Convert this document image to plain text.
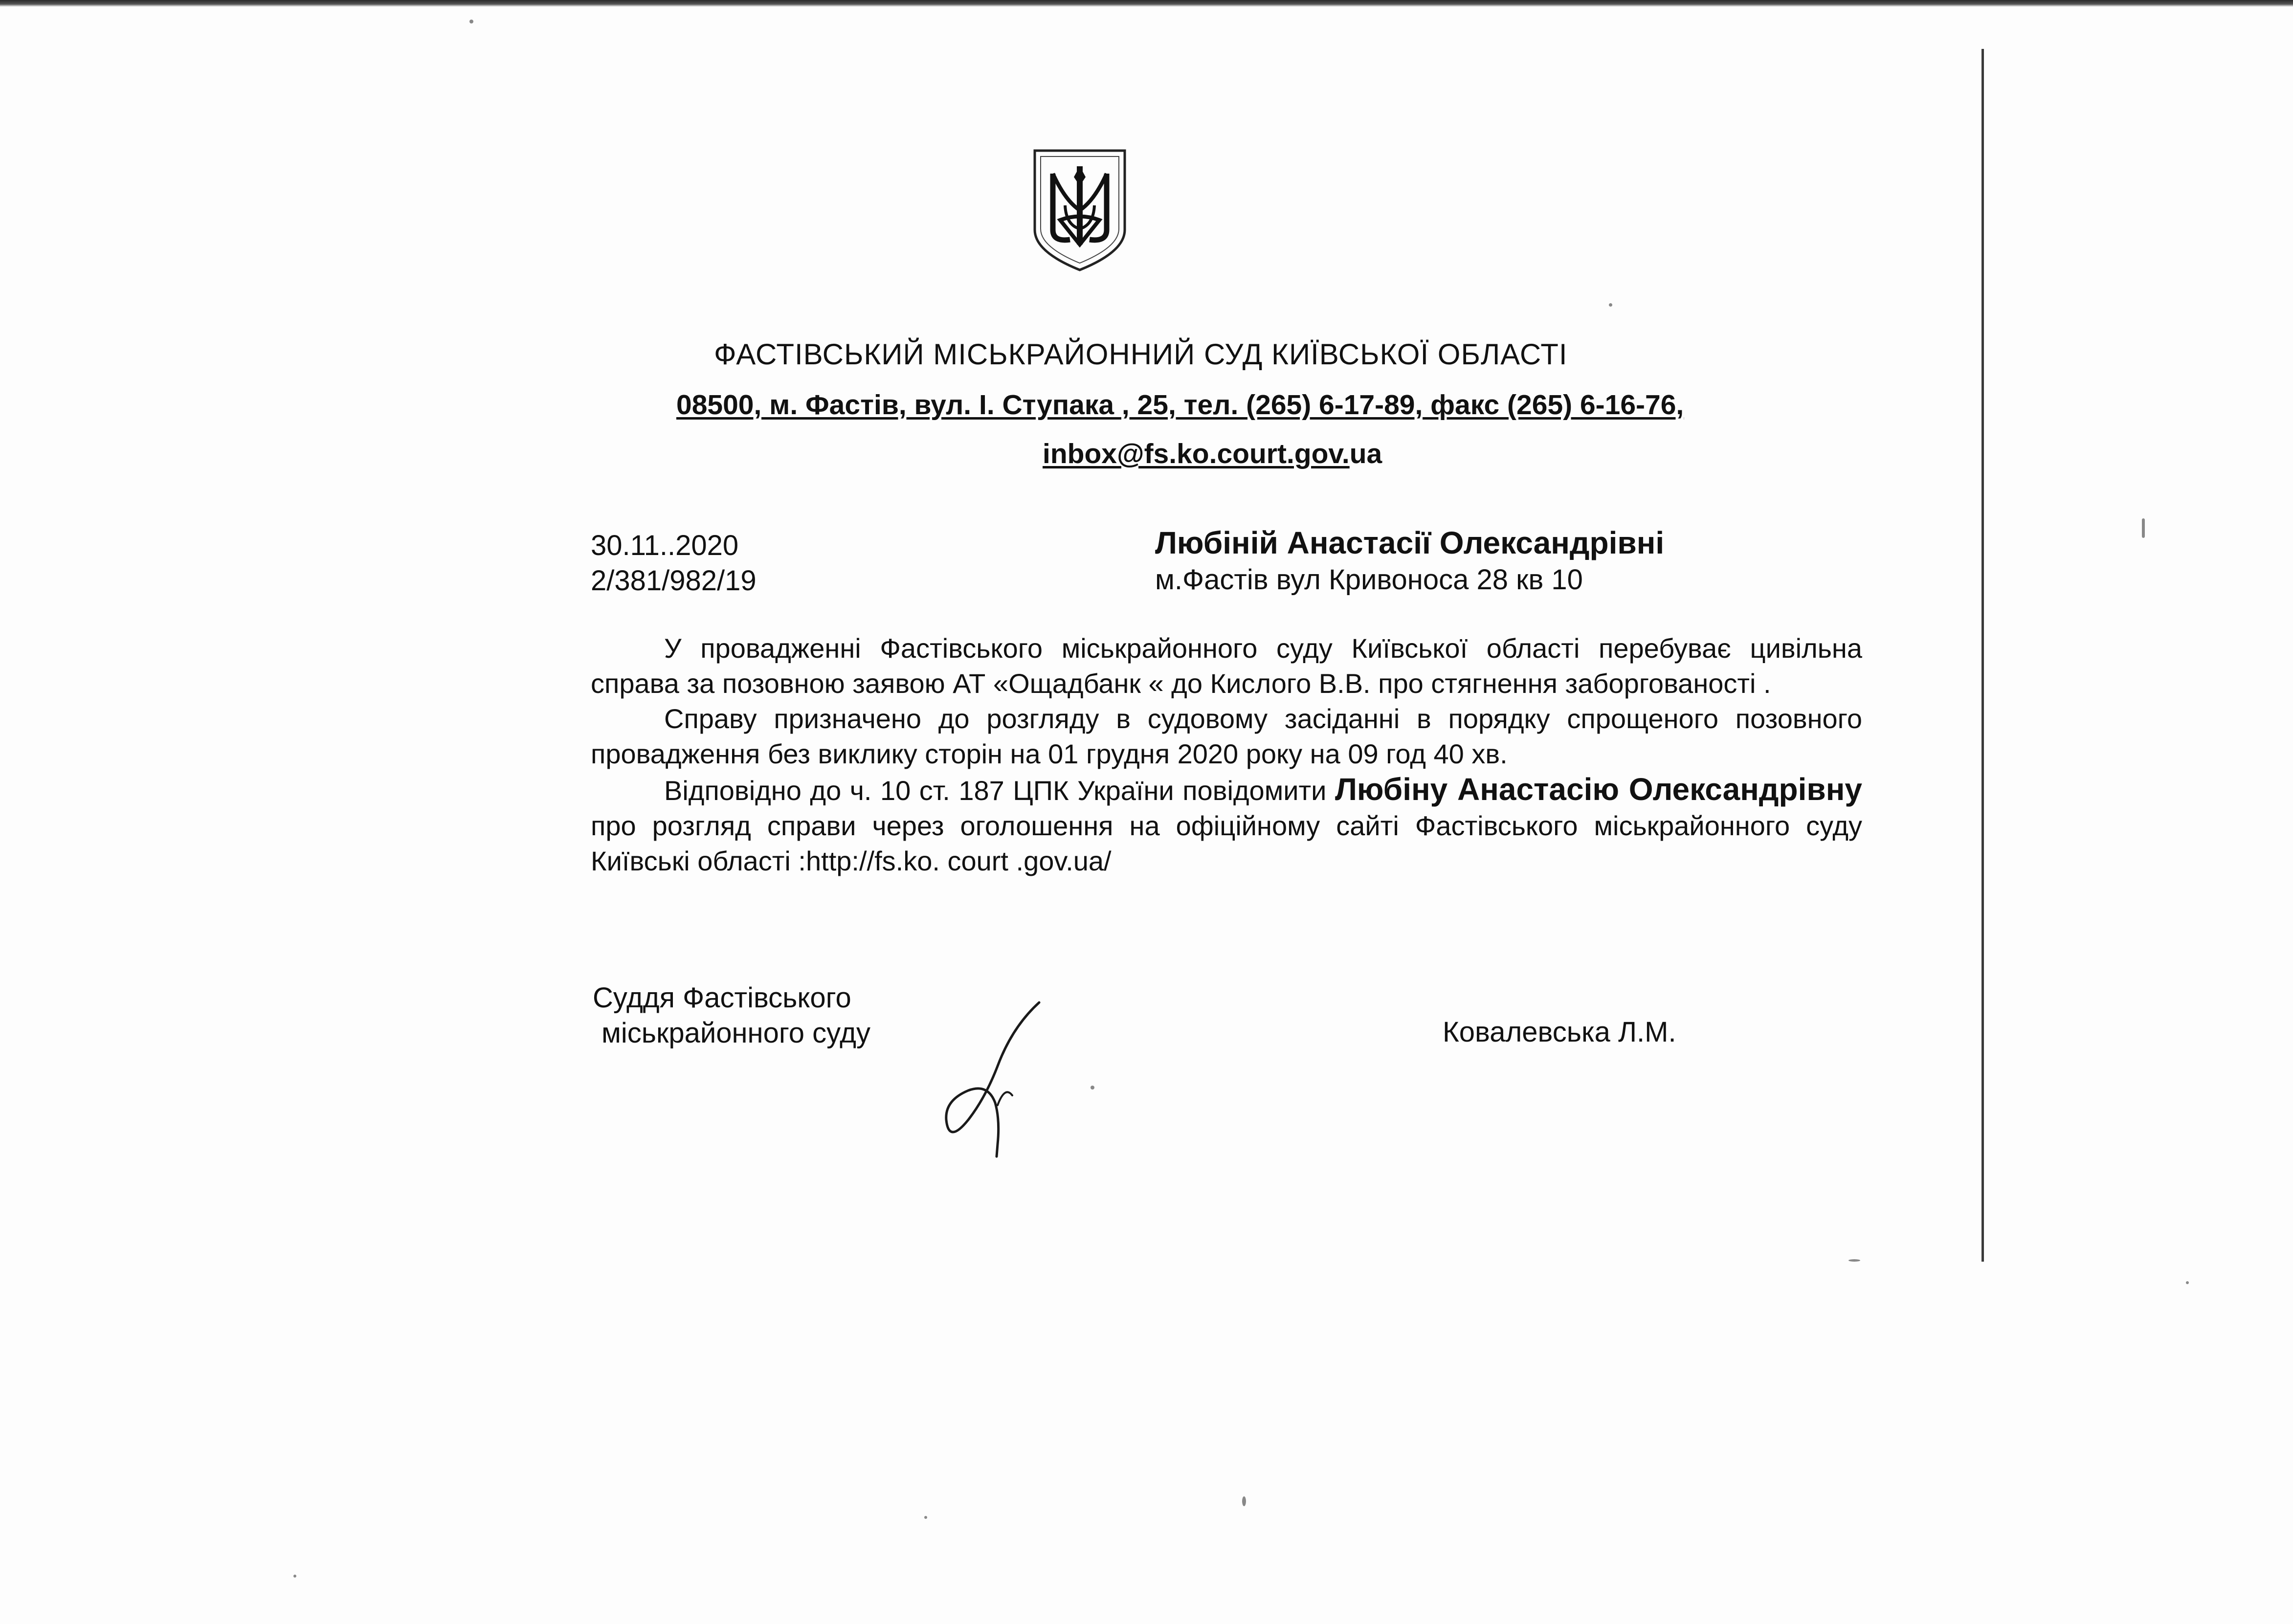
ФАСТІВСЬКИЙ МІСЬКРАЙОННИЙ СУД КИЇВСЬКОЇ ОБЛАСТІ
08500, м. Фастів, вул. І. Ступака , 25, тел. (265) 6-17-89, факс (265) 6-16-76,
inbox@fs.ko.court.gov.ua
30.11..2020
2/381/982/19
Любіній Анастасії Олександрівні
м.Фастів вул Кривоноса 28 кв 10

У провадженні Фастівського міськрайонного суду Київської області перебуває цивільна справа за позовною заявою АТ «Ощадбанк « до Кислого В.В. про стягнення заборгованості .

Справу призначено до розгляду в судовому засіданні в порядку спрощеного позовного провадження без виклику сторін на 01 грудня 2020 року на 09 год 40 хв.

Відповідно до ч. 10 ст. 187 ЦПК України повідомити Любіну Анастасію Олександрівну про розгляд справи через оголошення на офіційному сайті Фастівського міськрайонного суду Київські області :http://fs.ko. court .gov.ua/

Суддя Фастівського
міськрайонного суду	Ковалевська Л.М.
